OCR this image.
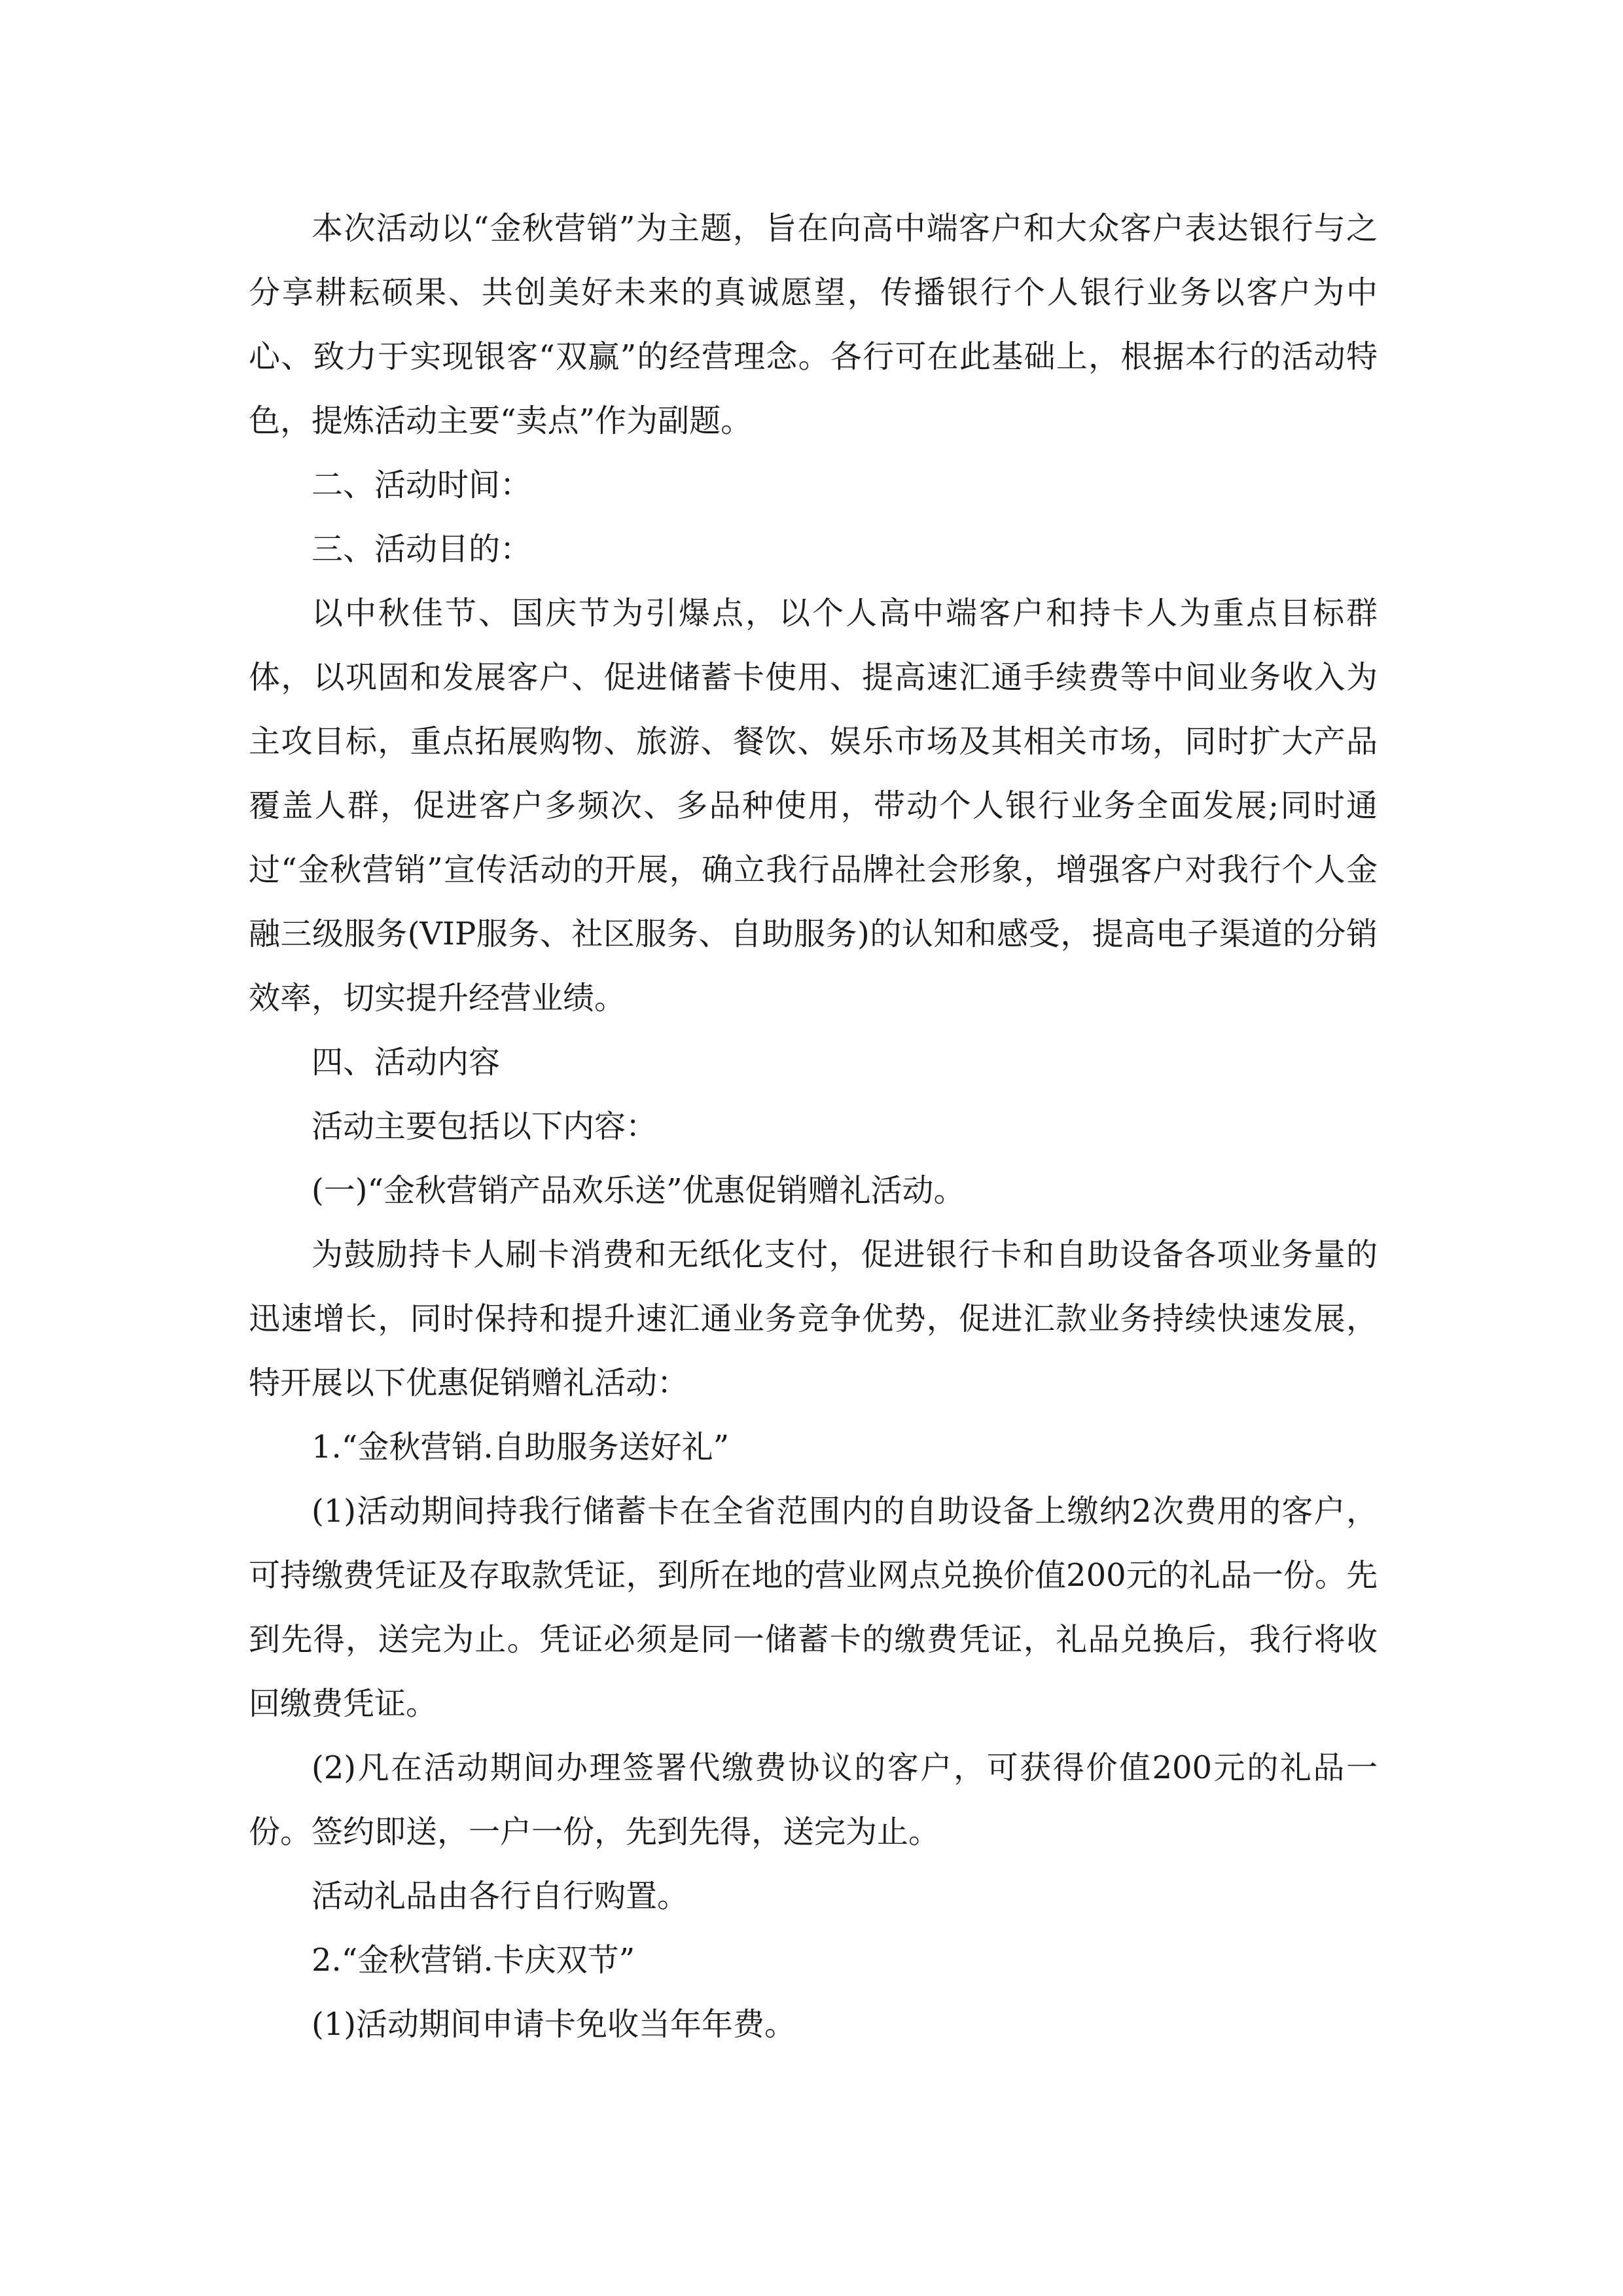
本次活动以“金秋营销”为主题，旨在向高中端客户和大众客户表达银行与之分享耕耘硕果、共创美好未来的真诚愿望，传播银行个人银行业务以客户为中心、致力于实现银客“双赢”的经营理念。各行可在此基础上，根据本行的活动特色，提炼活动主要“卖点”作为副题。

二、活动时间：

三、活动目的：

以中秋佳节、国庆节为引爆点，以个人高中端客户和持卡人为重点目标群体，以巩固和发展客户、促进储蓄卡使用、提高速汇通手续费等中间业务收入为主攻目标，重点拓展购物、旅游、餐饮、娱乐市场及其相关市场，同时扩大产品覆盖人群，促进客户多频次、多品种使用，带动个人银行业务全面发展;同时通过“金秋营销”宣传活动的开展，确立我行品牌社会形象，增强客户对我行个人金融三级服务(VIP服务、社区服务、自助服务)的认知和感受，提高电子渠道的分销效率，切实提升经营业绩。

四、活动内容

活动主要包括以下内容：

(一)“金秋营销产品欢乐送”优惠促销赠礼活动。

为鼓励持卡人刷卡消费和无纸化支付，促进银行卡和自助设备各项业务量的迅速增长，同时保持和提升速汇通业务竞争优势，促进汇款业务持续快速发展，特开展以下优惠促销赠礼活动：

1.“金秋营销.自助服务送好礼”

(1)活动期间持我行储蓄卡在全省范围内的自助设备上缴纳2次费用的客户，可持缴费凭证及存取款凭证，到所在地的营业网点兑换价值200元的礼品一份。先到先得，送完为止。凭证必须是同一储蓄卡的缴费凭证，礼品兑换后，我行将收回缴费凭证。

(2)凡在活动期间办理签署代缴费协议的客户，可获得价值200元的礼品一份。签约即送，一户一份，先到先得，送完为止。

活动礼品由各行自行购置。

2.“金秋营销.卡庆双节”

(1)活动期间申请卡免收当年年费。
